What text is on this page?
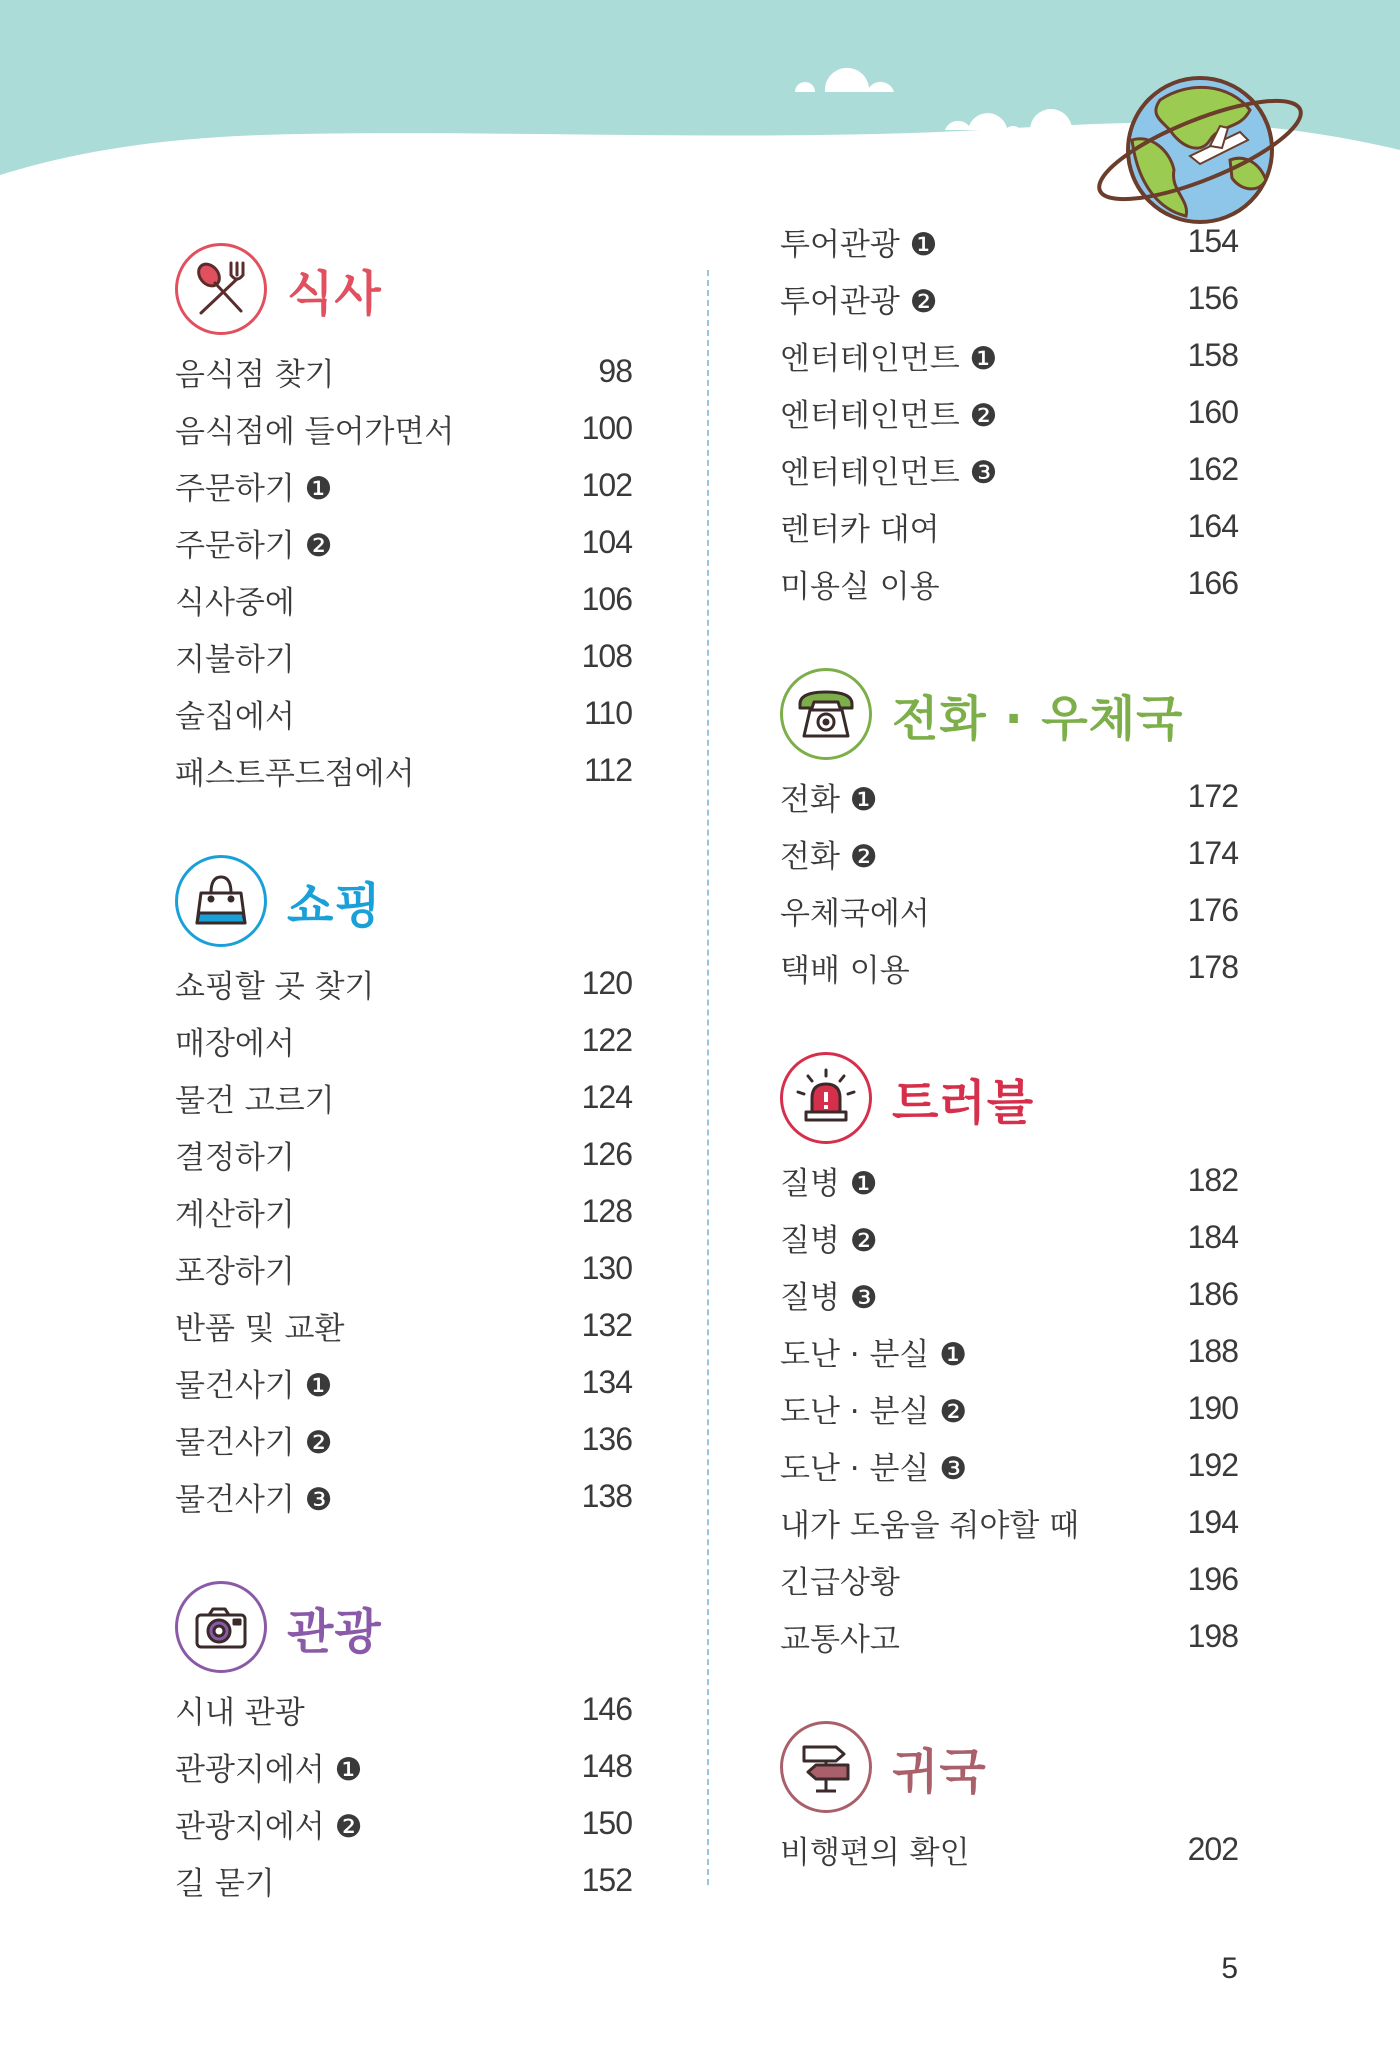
식사
음식점 찾기	98
음식점에 들어가면서	100
주문하기 ❶	102
주문하기 ❷	104
식사중에	106
지불하기	108
술집에서	110
패스트푸드점에서	112
쇼핑
쇼핑할 곳 찾기	120
매장에서	122
물건 고르기	124
결정하기	126
계산하기	128
포장하기	130
반품 및 교환	132
물건사기 ❶	134
물건사기 ❷	136
물건사기 ❸	138
관광
시내 관광	146
관광지에서 ❶	148
관광지에서 ❷	150
길 묻기	152
투어관광 ❶	154
투어관광 ❷	156
엔터테인먼트 ❶	158
엔터테인먼트 ❷	160
엔터테인먼트 ❸	162
렌터카 대여	164
미용실 이용	166
전화 · 우체국
전화 ❶	172
전화 ❷	174
우체국에서	176
택배 이용	178
트러블
질병 ❶	182
질병 ❷	184
질병 ❸	186
도난 · 분실 ❶	188
도난 · 분실 ❷	190
도난 · 분실 ❸	192
내가 도움을 줘야할 때	194
긴급상황	196
교통사고	198
귀국
비행편의 확인	202
5
